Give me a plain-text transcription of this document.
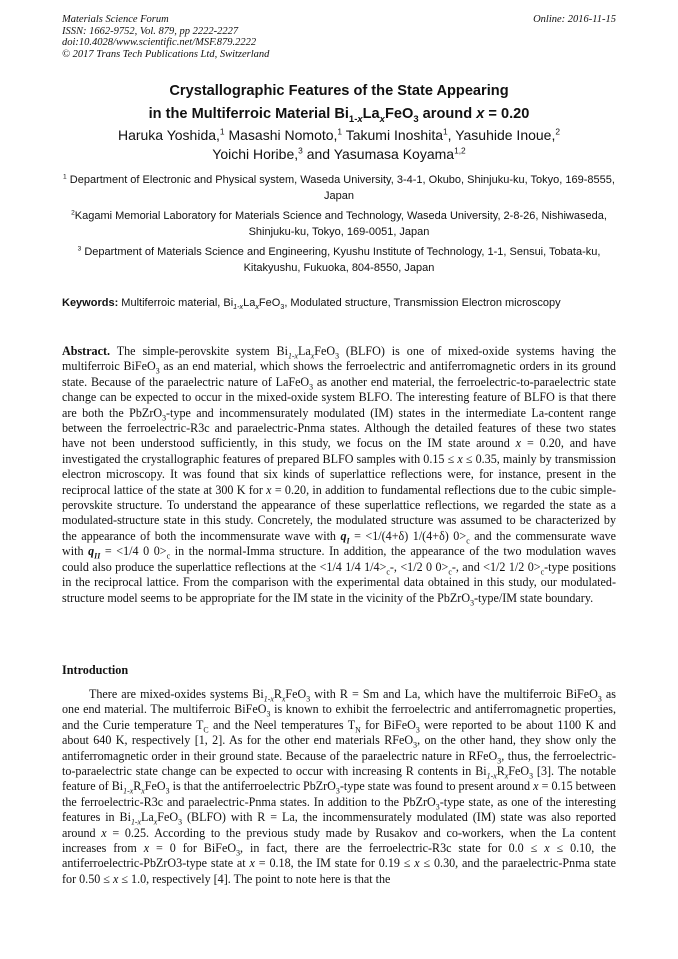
Materials Science Forum
ISSN: 1662-9752, Vol. 879, pp 2222-2227
doi:10.4028/www.scientific.net/MSF.879.2222
© 2017 Trans Tech Publications Ltd, Switzerland
Online: 2016-11-15
Crystallographic Features of the State Appearing
in the Multiferroic Material $Bi_{1-x}La_xFeO_3$ around x = 0.20
Haruka Yoshida,$^1$ Masashi Nomoto,$^1$ Takumi Inoshita$^1$, Yasuhide Inoue,$^2$
Yoichi Horibe,$^3$ and Yasumasa Koyama$^{1,2}$
$^1$ Department of Electronic and Physical system, Waseda University, 3-4-1, Okubo, Shinjuku-ku, Tokyo, 169-8555, Japan
$^2$Kagami Memorial Laboratory for Materials Science and Technology, Waseda University, 2-8-26, Nishiwaseda, Shinjuku-ku, Tokyo, 169-0051, Japan
$^3$ Department of Materials Science and Engineering, Kyushu Institute of Technology, 1-1, Sensui, Tobata-ku, Kitakyushu, Fukuoka, 804-8550, Japan
Keywords: Multiferroic material, $Bi_{1-x}La_xFeO_3$, Modulated structure, Transmission Electron microscopy
Abstract. The simple-perovskite system $Bi_{1-x}La_xFeO_3$ (BLFO) is one of mixed-oxide systems having the multiferroic BiFeO$_3$ as an end material, which shows the ferroelectric and antiferromagnetic orders in its ground state. Because of the paraelectric nature of LaFeO$_3$ as another end material, the ferroelectric-to-paraelectric state change can be expected to occur in the mixed-oxide system BLFO. The interesting feature of BLFO is that there are both the PbZrO$_3$-type and incommensurately modulated (IM) states in the intermediate La-content range between the ferroelectric-R3c and paraelectric-Pnma states. Although the detailed features of these two states have not been understood sufficiently, in this study, we focus on the IM state around x = 0.20, and have investigated the crystallographic features of prepared BLFO samples with 0.15 ≤ x ≤ 0.35, mainly by transmission electron microscopy. It was found that six kinds of superlattice reflections were, for instance, present in the reciprocal lattice of the state at 300 K for x = 0.20, in addition to fundamental reflections due to the cubic simple-perovskite structure. To understand the appearance of these superlattice reflections, we regarded the state as a modulated-structure state in this study. Concretely, the modulated structure was assumed to be characterized by the appearance of both the incommensurate wave with $q_I = <1/(4+\delta)$ 1/(4+δ) $0>_c$ and the commensurate wave with $q_{II} = <1/4$ 0 $0>_c$ in the normal-Imma structure. In addition, the appearance of the two modulation waves could also produce the superlattice reflections at the <1/4 1/4 $1/4>_c-$, <1/2 0 $0>_c-$, and <1/2 1/2 $0>_c$-type positions in the reciprocal lattice. From the comparison with the experimental data obtained in this study, our modulated-structure model seems to be appropriate for the IM state in the vicinity of the PbZrO$_3$-type/IM state boundary.
Introduction
There are mixed-oxides systems $Bi_{1-x}R_xFeO_3$ with R = Sm and La, which have the multiferroic BiFeO$_3$ as one end material. The multiferroic BiFeO$_3$ is known to exhibit the ferroelectric and antiferromagnetic properties, and the Curie temperature $T_C$ and the Neel temperatures $T_N$ for BiFeO$_3$ were reported to be about 1100 K and about 640 K, respectively [1, 2]. As for the other end materials RFeO$_3$, on the other hand, they show only the antiferromagnetic order in their ground state. Because of the paraelectric nature in RFeO$_3$, thus, the ferroelectric-to-paraelectric state change can be expected to occur with increasing R contents in $Bi_{1-x}R_xFeO_3$ [3]. The notable feature of $Bi_{1-x}R_xFeO_3$ is that the antiferroelectric PbZrO$_3$-type state was found to present around x = 0.15 between the ferroelectric-R3c and paraelectric-Pnma states. In addition to the PbZrO$_3$-type state, as one of the interesting features in $Bi_{1-x}La_xFeO_3$ (BLFO) with R = La, the incommensurately modulated (IM) state was also reported around x = 0.25. According to the previous study made by Rusakov and co-workers, when the La content increases from x = 0 for BiFeO$_3$, in fact, there are the ferroelectric-R3c state for 0.0 ≤ x ≤ 0.10, the antiferroelectric-PbZrO3-type state at x = 0.18, the IM state for 0.19 ≤ x ≤ 0.30, and the paraelectric-Pnma state for 0.50 ≤ x ≤ 1.0, respectively [4]. The point to note here is that the
